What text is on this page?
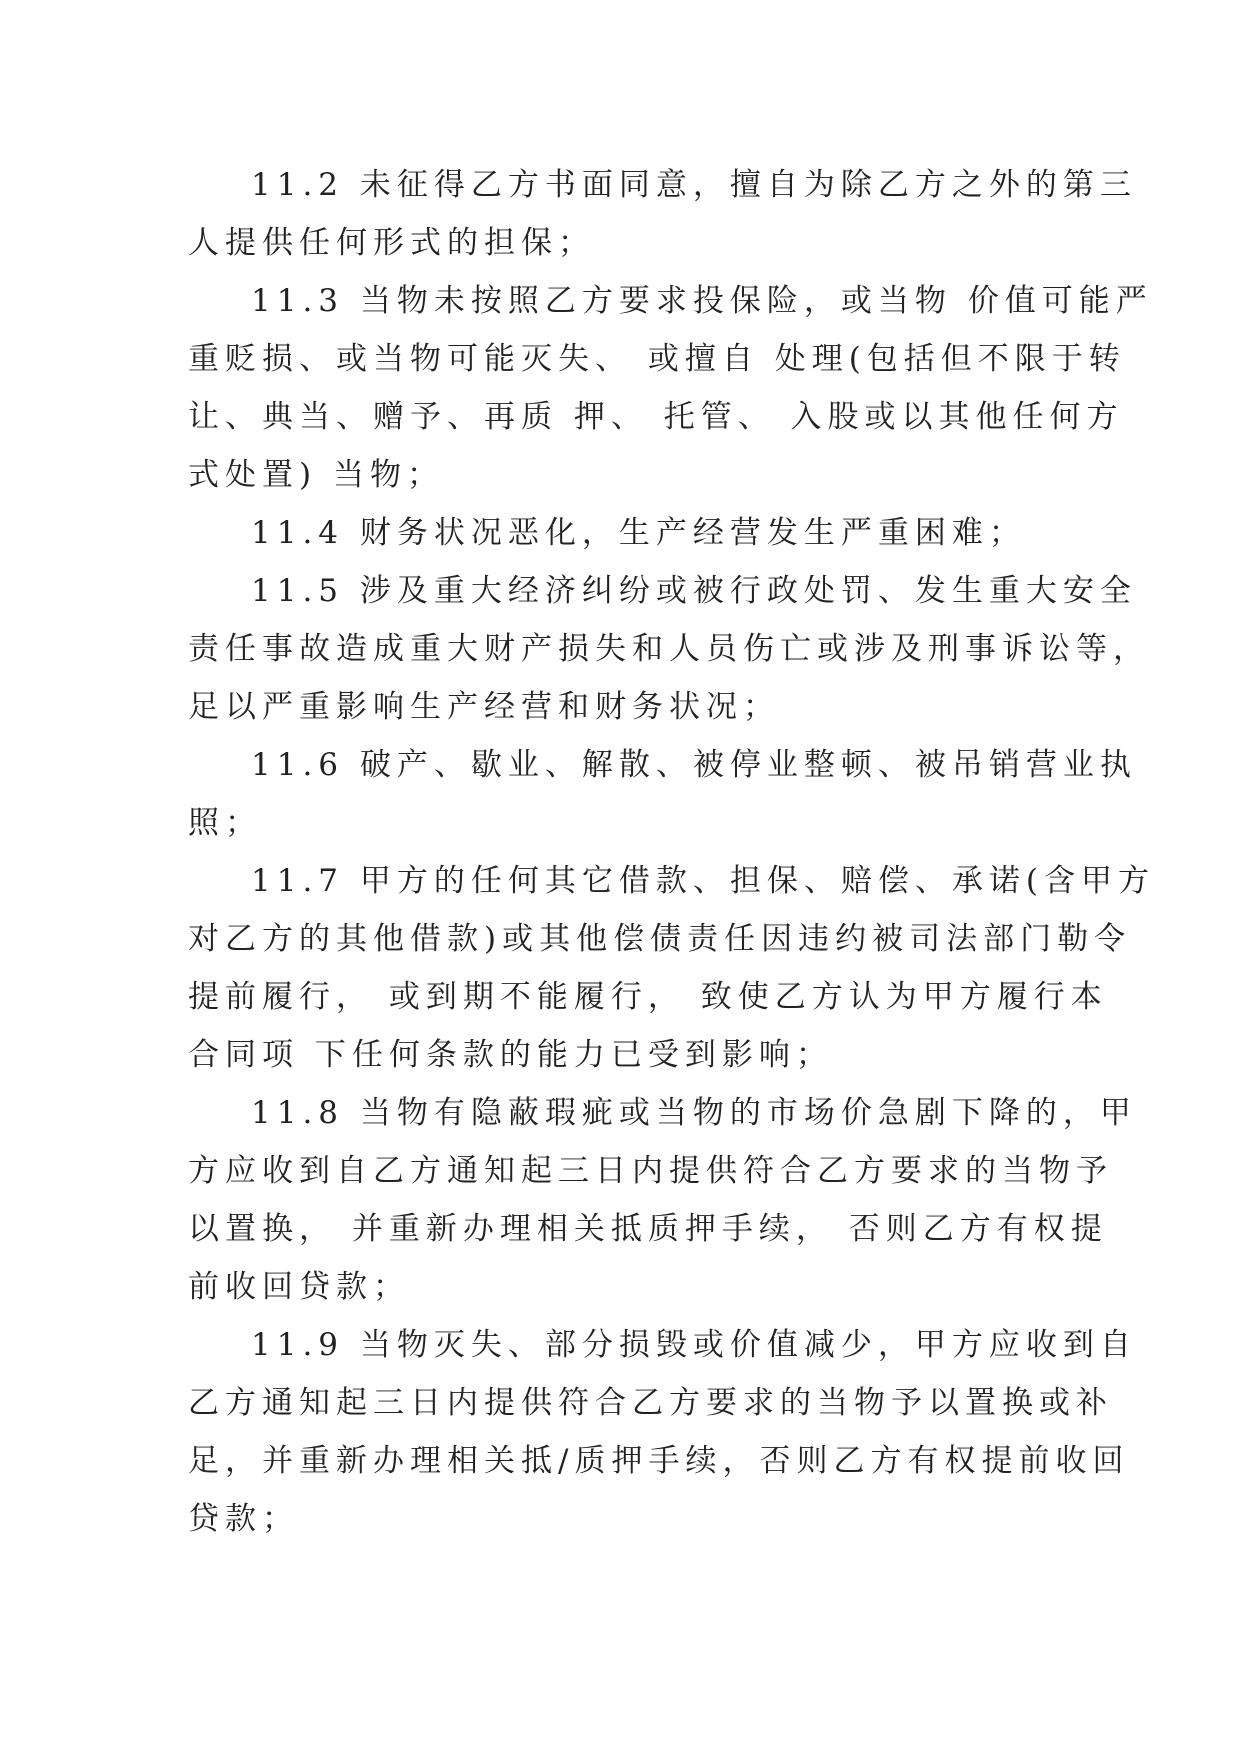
11.2 未征得乙方书面同意，擅自为除乙方之外的第三
人提供任何形式的担保；
11.3 当物未按照乙方要求投保险，或当物 价值可能严
重贬损、或当物可能灭失、 或擅自 处理(包括但不限于转
让、典当、赠予、再质 押、 托管、 入股或以其他任何方
式处置) 当物；
11.4 财务状况恶化，生产经营发生严重困难；
11.5 涉及重大经济纠纷或被行政处罚、发生重大安全
责任事故造成重大财产损失和人员伤亡或涉及刑事诉讼等，
足以严重影响生产经营和财务状况；
11.6 破产、歇业、解散、被停业整顿、被吊销营业执
照；
11.7 甲方的任何其它借款、担保、赔偿、承诺(含甲方
对乙方的其他借款)或其他偿债责任因违约被司法部门勒令
提前履行， 或到期不能履行， 致使乙方认为甲方履行本
合同项 下任何条款的能力已受到影响；
11.8 当物有隐蔽瑕疵或当物的市场价急剧下降的，甲
方应收到自乙方通知起三日内提供符合乙方要求的当物予
以置换， 并重新办理相关抵质押手续， 否则乙方有权提
前收回贷款；
11.9 当物灭失、部分损毁或价值减少，甲方应收到自
乙方通知起三日内提供符合乙方要求的当物予以置换或补
足，并重新办理相关抵/质押手续，否则乙方有权提前收回
贷款；
